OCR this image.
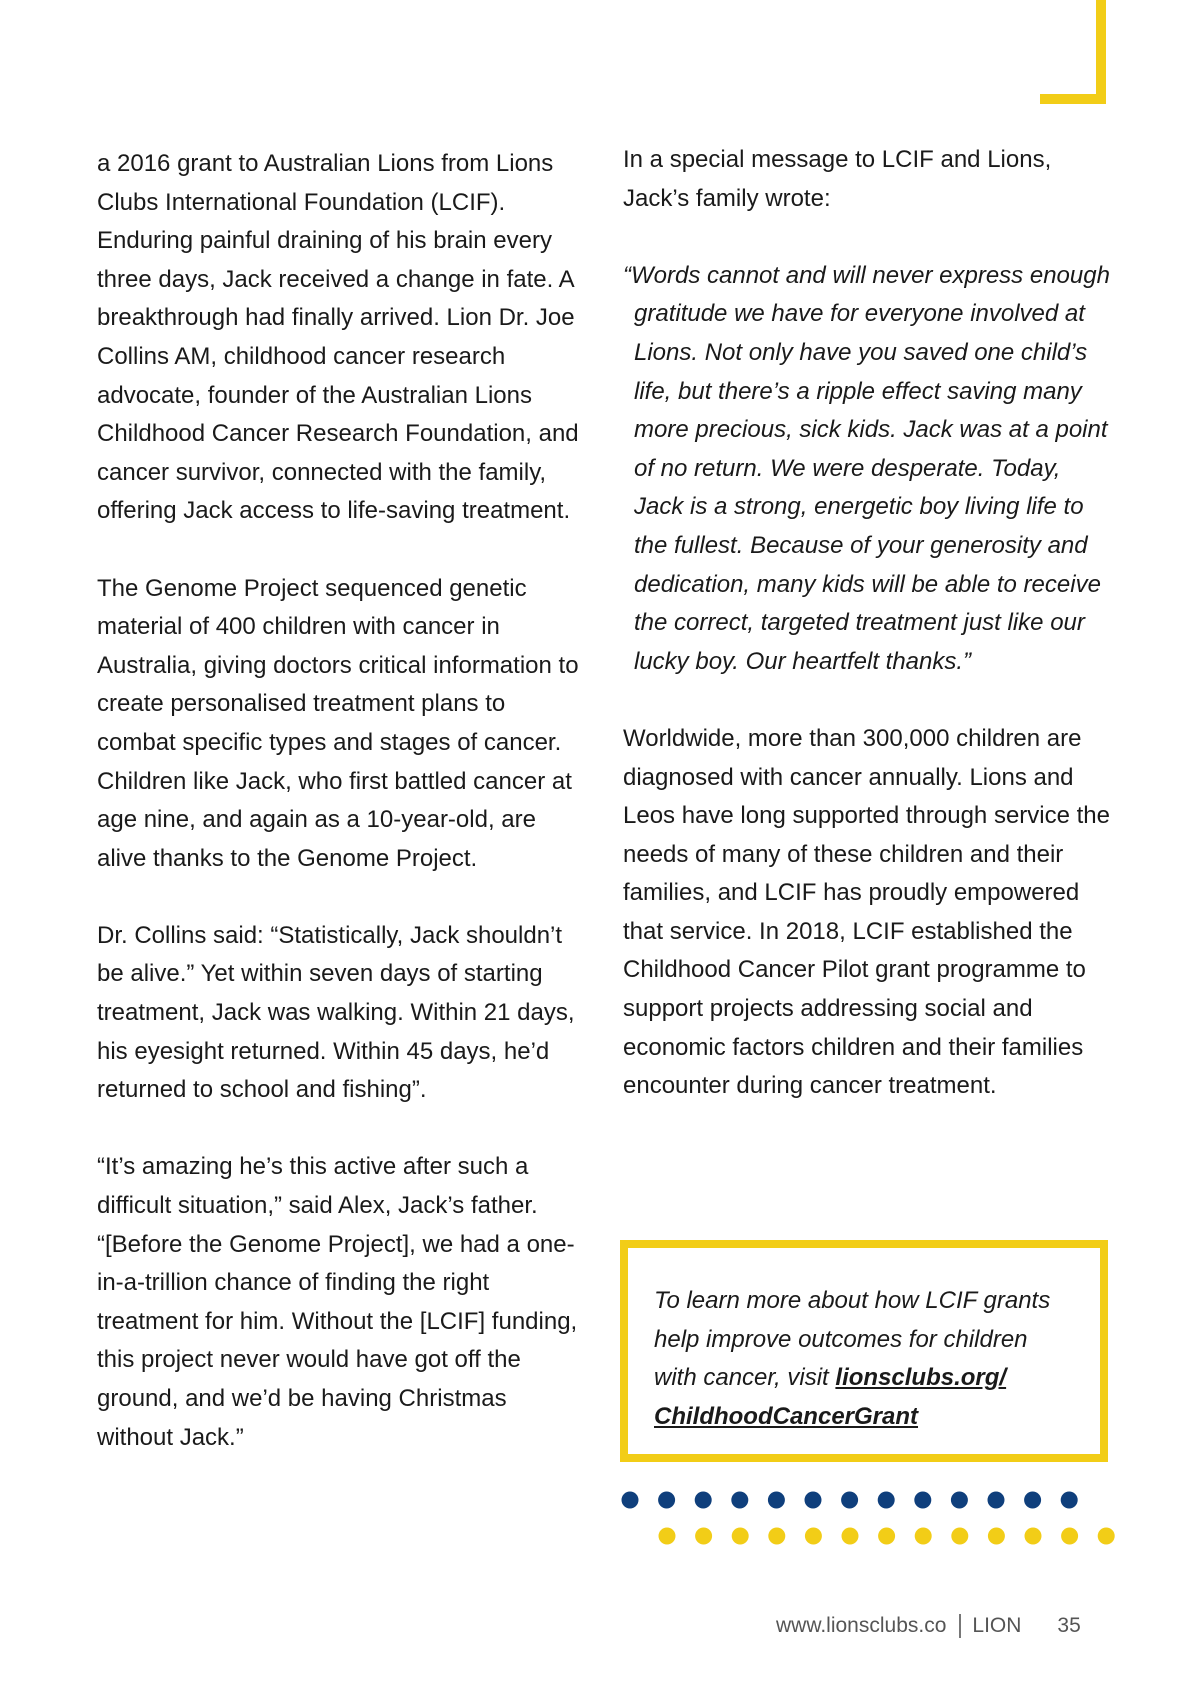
a 2016 grant to Australian Lions from Lions Clubs International Foundation (LCIF). Enduring painful draining of his brain every three days, Jack received a change in fate. A breakthrough had finally arrived. Lion Dr. Joe Collins AM, childhood cancer research advocate, founder of the Australian Lions Childhood Cancer Research Foundation, and cancer survivor, connected with the family, offering Jack access to life-saving treatment.

The Genome Project sequenced genetic material of 400 children with cancer in Australia, giving doctors critical information to create personalised treatment plans to combat specific types and stages of cancer. Children like Jack, who first battled cancer at age nine, and again as a 10-year-old, are alive thanks to the Genome Project.

Dr. Collins said: “Statistically, Jack shouldn’t be alive.” Yet within seven days of starting treatment, Jack was walking. Within 21 days, his eyesight returned. Within 45 days, he’d returned to school and fishing”.

“It’s amazing he’s this active after such a difficult situation,” said Alex, Jack’s father. “[Before the Genome Project], we had a one-in-a-trillion chance of finding the right treatment for him. Without the [LCIF] funding, this project never would have got off the ground, and we’d be having Christmas without Jack.”

In a special message to LCIF and Lions, Jack’s family wrote:

“Words cannot and will never express enough gratitude we have for everyone involved at Lions. Not only have you saved one child’s life, but there’s a ripple effect saving many more precious, sick kids. Jack was at a point of no return. We were desperate. Today, Jack is a strong, energetic boy living life to the fullest. Because of your generosity and dedication, many kids will be able to receive the correct, targeted treatment just like our lucky boy. Our heartfelt thanks.”

Worldwide, more than 300,000 children are diagnosed with cancer annually. Lions and Leos have long supported through service the needs of many of these children and their families, and LCIF has proudly empowered that service. In 2018, LCIF established the Childhood Cancer Pilot grant programme to support projects addressing social and economic factors children and their families encounter during cancer treatment.

To learn more about how LCIF grants help improve outcomes for children with cancer, visit lionsclubs.org/
ChildhoodCancerGrant
www.lionsclubs.co LION 35
